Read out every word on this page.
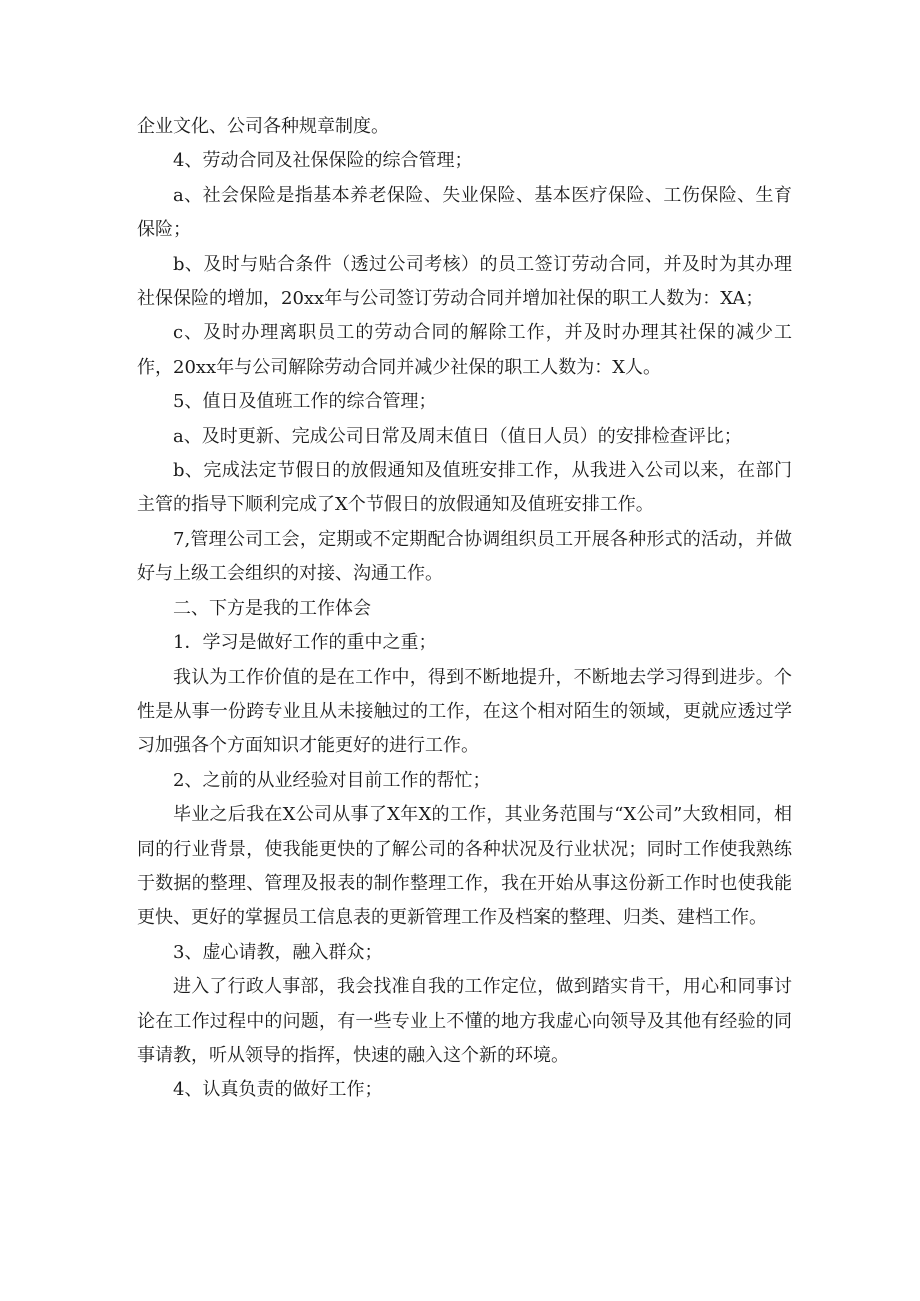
企业文化、公司各种规章制度。

4、劳动合同及社保保险的综合管理；

a、社会保险是指基本养老保险、失业保险、基本医疗保险、工伤保险、生育保险；

b、及时与贴合条件（透过公司考核）的员工签订劳动合同，并及时为其办理社保保险的增加，20xx年与公司签订劳动合同并增加社保的职工人数为：XA；

c、及时办理离职员工的劳动合同的解除工作，并及时办理其社保的减少工作，20xx年与公司解除劳动合同并减少社保的职工人数为：X人。

5、值日及值班工作的综合管理；

a、及时更新、完成公司日常及周末值日（值日人员）的安排检查评比；

b、完成法定节假日的放假通知及值班安排工作，从我进入公司以来，在部门主管的指导下顺利完成了X个节假日的放假通知及值班安排工作。

7,管理公司工会，定期或不定期配合协调组织员工开展各种形式的活动，并做好与上级工会组织的对接、沟通工作。

二、下方是我的工作体会

1．学习是做好工作的重中之重；

我认为工作价值的是在工作中，得到不断地提升，不断地去学习得到进步。个性是从事一份跨专业且从未接触过的工作，在这个相对陌生的领域，更就应透过学习加强各个方面知识才能更好的进行工作。

2、之前的从业经验对目前工作的帮忙；

毕业之后我在X公司从事了X年X的工作，其业务范围与“X公司”大致相同，相同的行业背景，使我能更快的了解公司的各种状况及行业状况；同时工作使我熟练于数据的整理、管理及报表的制作整理工作，我在开始从事这份新工作时也使我能更快、更好的掌握员工信息表的更新管理工作及档案的整理、归类、建档工作。

3、虚心请教，融入群众；

进入了行政人事部，我会找准自我的工作定位，做到踏实肯干，用心和同事讨论在工作过程中的问题，有一些专业上不懂的地方我虚心向领导及其他有经验的同事请教，听从领导的指挥，快速的融入这个新的环境。

4、认真负责的做好工作；
